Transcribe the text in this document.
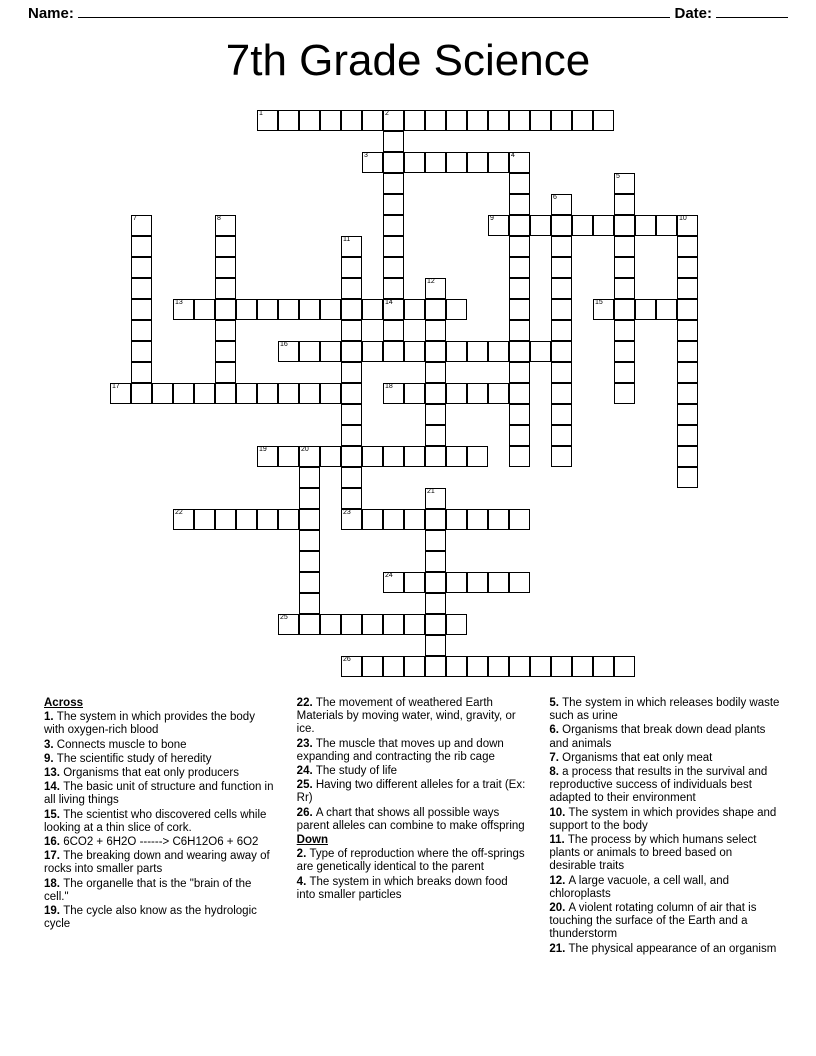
Name:	Date:
7th Grade Science
1	2
14
3	4
5
6
7	8	9	10
11
23
12
13	15
16
17	18
19	20
21
22
24
25
26
Across
1. The system in which provides the body with oxygen-rich blood
3. Connects muscle to bone
9. The scientific study of heredity
13. Organisms that eat only producers
14. The basic unit of structure and function in all living things
15. The scientist who discovered cells while looking at a thin slice of cork.
16. 6CO2 + 6H2O ------> C6H12O6 + 6O2
17. The breaking down and wearing away of rocks into smaller parts
18. The organelle that is the "brain of the cell."
19. The cycle also know as the hydrologic cycle
22. The movement of weathered Earth Materials by moving water, wind, gravity, or ice.
23. The muscle that moves up and down expanding and contracting the rib cage
24. The study of life
25. Having two different alleles for a trait (Ex: Rr)
26. A chart that shows all possible ways parent alleles can combine to make offspring
Down
2. Type of reproduction where the off-springs are genetically identical to the parent
4. The system in which breaks down food into smaller particles
5. The system in which releases bodily waste such as urine
6. Organisms that break down dead plants and animals
7. Organisms that eat only meat
8. a process that results in the survival and reproductive success of individuals best adapted to their environment
10. The system in which provides shape and support to the body
11. The process by which humans select plants or animals to breed based on desirable traits
12. A large vacuole, a cell wall, and chloroplasts
20. A violent rotating column of air that is touching the surface of the Earth and a thunderstorm
21. The physical appearance of an organism
